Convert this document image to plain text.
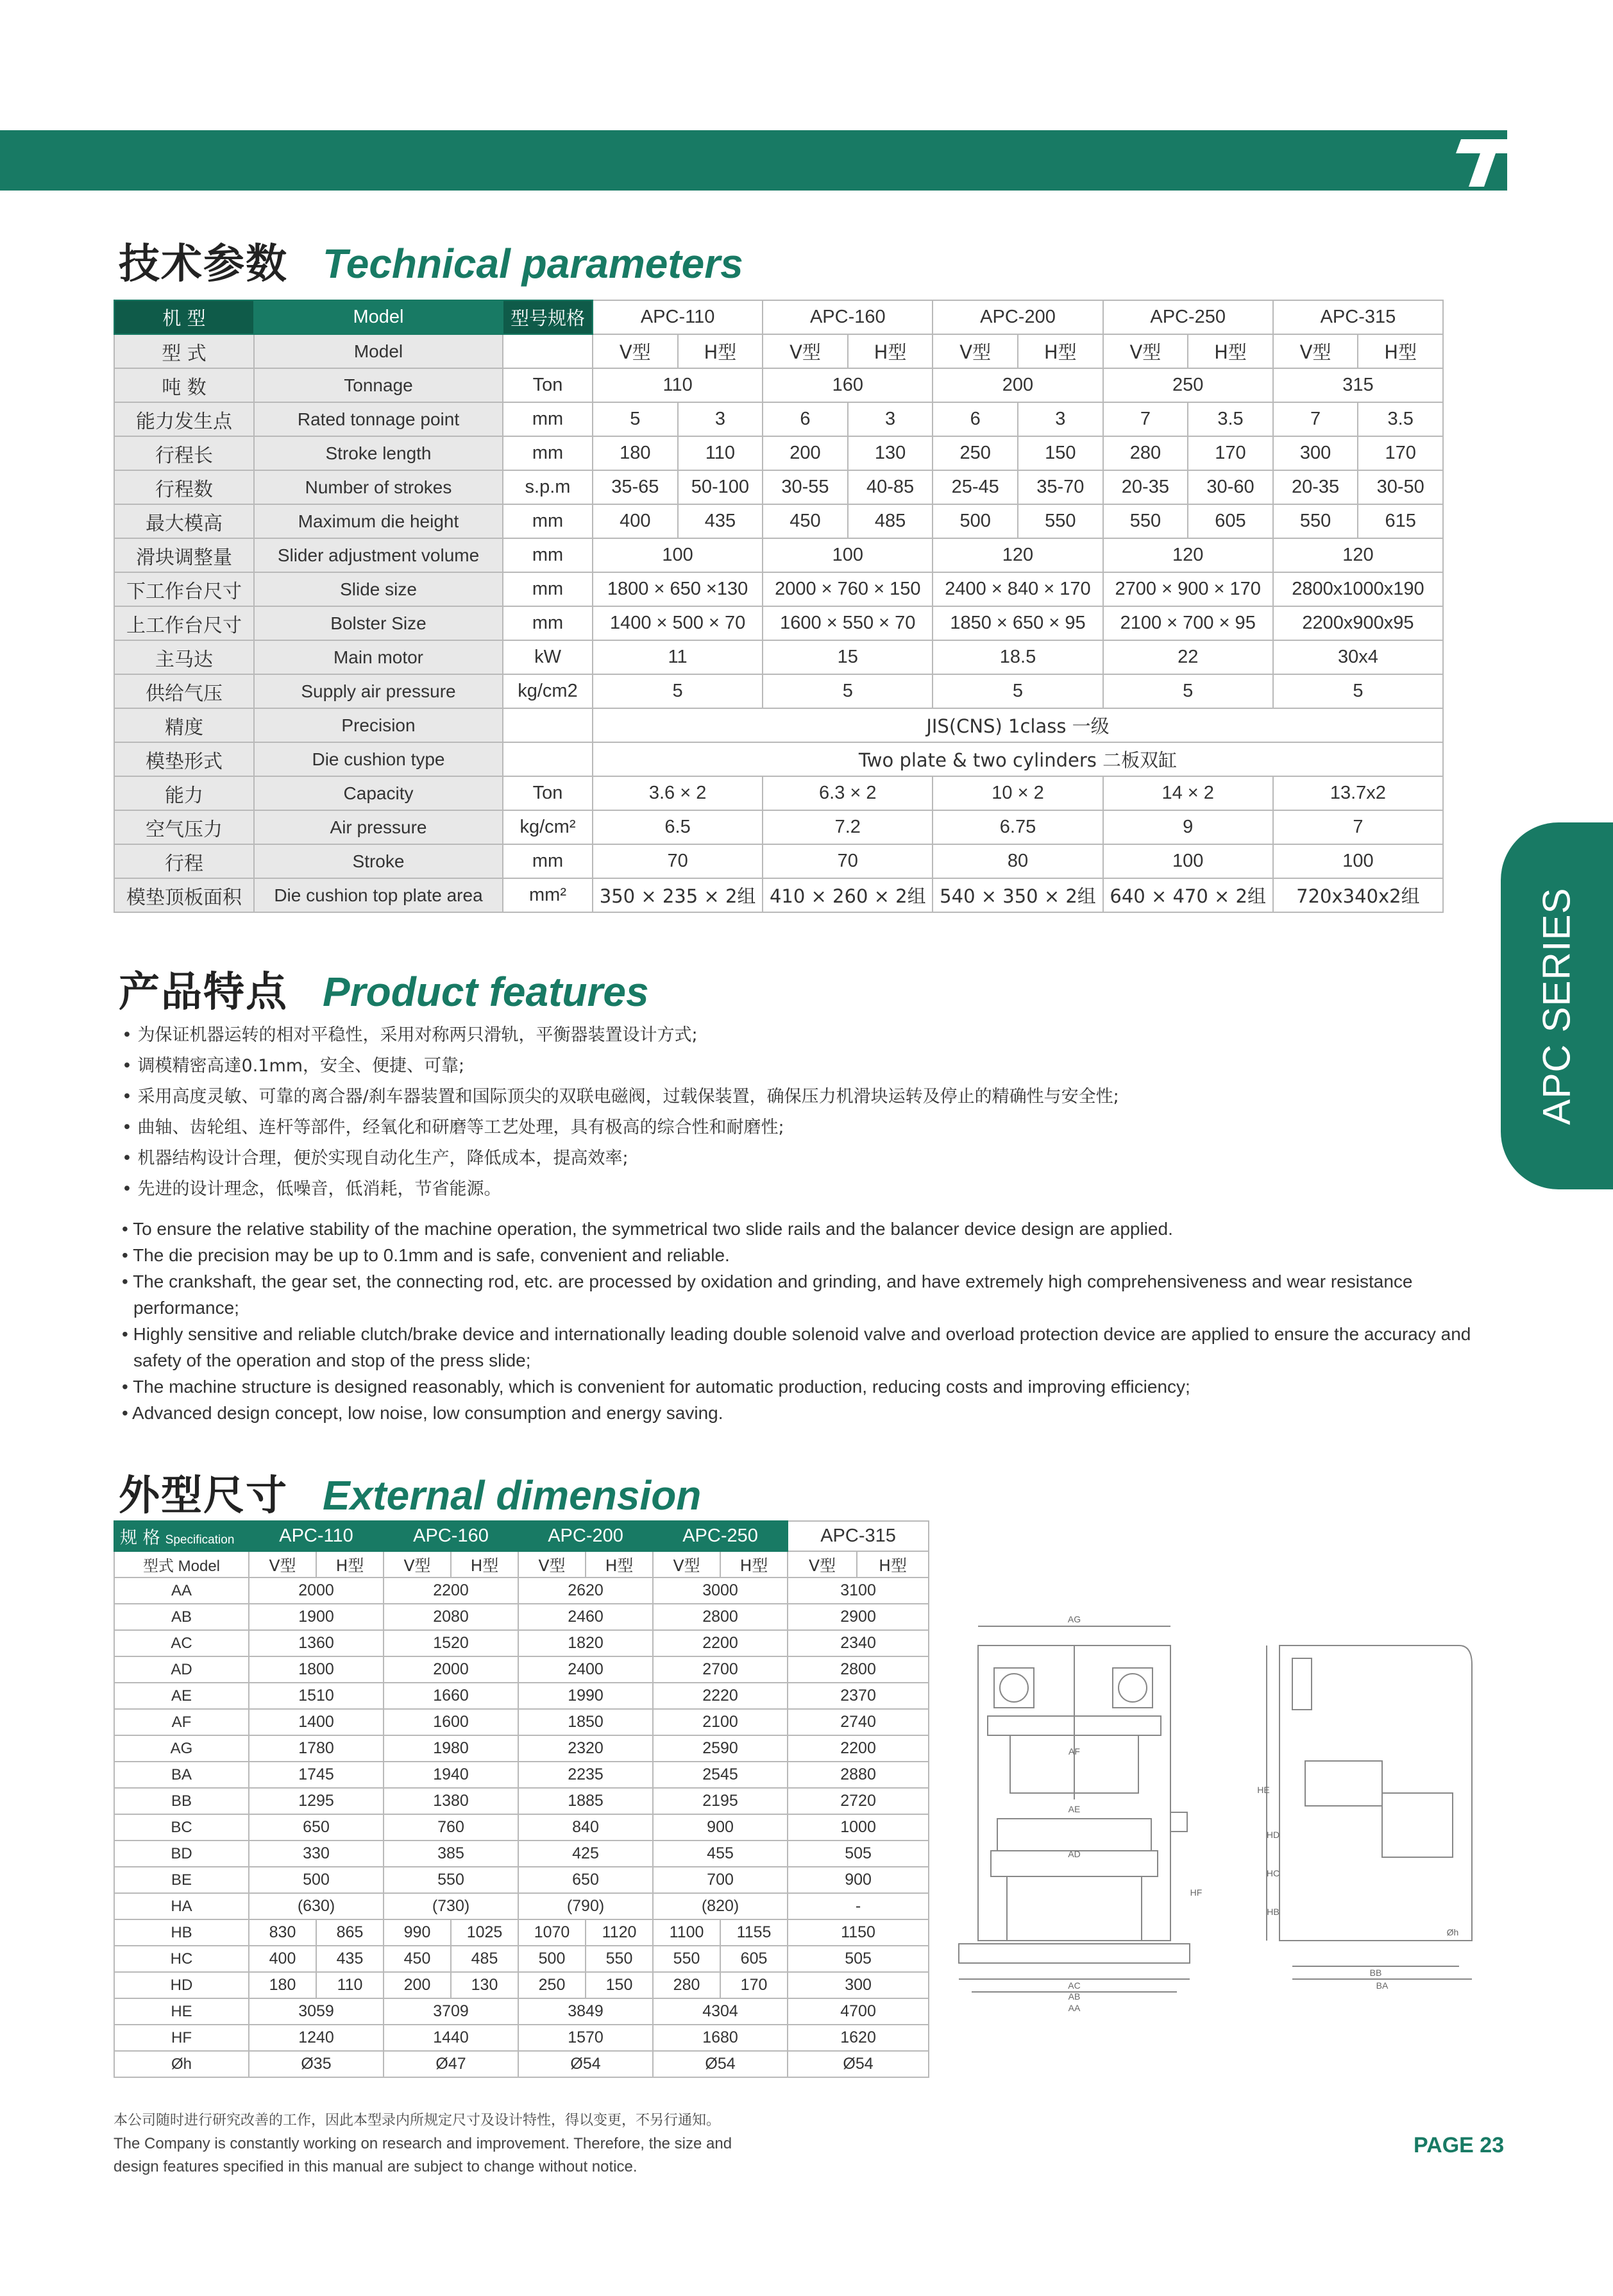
技术参数 Technical parameters
机 型	Model	型号规格	APC-110		APC-160		APC-200		APC-250		APC-315	
型 式	Model		V型	H型	V型	H型	V型	H型	V型	H型	V型	H型
吨 数	Tonnage	Ton	110		160		200		250		315	
能力发生点	Rated tonnage point	mm	5	3	6	3	6	3	7	3.5	7	3.5
行程长	Stroke length	mm	180	110	200	130	250	150	280	170	300	170
行程数	Number of strokes	s.p.m	35-65	50-100	30-55	40-85	25-45	35-70	20-35	30-60	20-35	30-50
最大模高	Maximum die height	mm	400	435	450	485	500	550	550	605	550	615
滑块调整量	Slider adjustment volume	mm	100		100		120		120		120	
下工作台尺寸	Slide size	mm	1800 × 650 ×130		2000 × 760 × 150		2400 × 840 × 170		2700 × 900 × 170		2800x1000x190	
上工作台尺寸	Bolster Size	mm	1400 × 500 × 70		1600 × 550 × 70		1850 × 650 × 95		2100 × 700 × 95		2200x900x95	
主马达	Main motor	kW	11		15		18.5		22		30x4	
供给气压	Supply air pressure	kg/cm2	5		5		5		5		5	
精度	Precision		JIS(CNS) 1class 一级									
模垫形式	Die cushion type		Two plate & two cylinders 二板双缸									
能力	Capacity	Ton	3.6 × 2		6.3 × 2		10 × 2		14 × 2		13.7x2	
空气压力	Air pressure	kg/cm²	6.5		7.2		6.75		9		7	
行程	Stroke	mm	70		70		80		100		100	
模垫顶板面积	Die cushion top plate area	mm²	350 × 235 × 2组		410 × 260 × 2组		540 × 350 × 2组		640 × 470 × 2组		720x340x2组	
产品特点 Product features

• 为保证机器运转的相对平稳性，采用对称两只滑轨，平衡器装置设计方式;

• 调模精密高達0.1mm，安全、便捷、可靠;

• 采用高度灵敏、可靠的离合器/刹车器装置和国际顶尖的双联电磁阀，过载保装置，确保压力机滑块运转及停止的精确性与安全性;

• 曲轴、齿轮组、连杆等部件，经氧化和研磨等工艺处理，具有极高的综合性和耐磨性;

• 机器结构设计合理，便於实现自动化生产，降低成本，提高效率;

• 先进的设计理念，低噪音，低消耗，节省能源。

• To ensure the relative stability of the machine operation, the symmetrical two slide rails and the balancer device design are applied.

• The die precision may be up to 0.1mm and is safe, convenient and reliable.

• The crankshaft, the gear set, the connecting rod, etc. are processed by oxidation and grinding, and have extremely high comprehensiveness and wear resistance performance;

• Highly sensitive and reliable clutch/brake device and internationally leading double solenoid valve and overload protection device are applied to ensure the accuracy and safety of the operation and stop of the press slide;

• The machine structure is designed reasonably, which is convenient for automatic production, reducing costs and improving efficiency;

• Advanced design concept, low noise, low consumption and energy saving.

APC SERIES
外型尺寸 External dimension
规 格 Specification	APC-110		APC-160		APC-200		APC-250		APC-315	
型式 Model	V型	H型	V型	H型	V型	H型	V型	H型	V型	H型
AA	2000		2200		2620		3000		3100	
AB	1900		2080		2460		2800		2900	
AC	1360		1520		1820		2200		2340	
AD	1800		2000		2400		2700		2800	
AE	1510		1660		1990		2220		2370	
AF	1400		1600		1850		2100		2740	
AG	1780		1980		2320		2590		2200	
BA	1745		1940		2235		2545		2880	
BB	1295		1380		1885		2195		2720	
BC	650		760		840		900		1000	
BD	330		385		425		455		505	
BE	500		550		650		700		900	
HA	(630)		(730)		(790)		(820)		-	
HB	830	865	990	1025	1070	1120	1100	1155	1150	
HC	400	435	450	485	500	550	550	605	505	
HD	180	110	200	130	250	150	280	170	300	
HE	3059		3709		3849		4304		4700	
HF	1240		1440		1570		1680		1620	
Øh	Ø35		Ø47		Ø54		Ø54		Ø54	
AG
AF
AE
AD
AC
AB
AA
HE
HD
HC
HB
HF
BB
BA
Øh
本公司随时进行研究改善的工作，因此本型录内所规定尺寸及设计特性，得以变更，不另行通知。
The Company is constantly working on research and improvement. Therefore, the size and
design features specified in this manual are subject to change without notice.
PAGE 23
